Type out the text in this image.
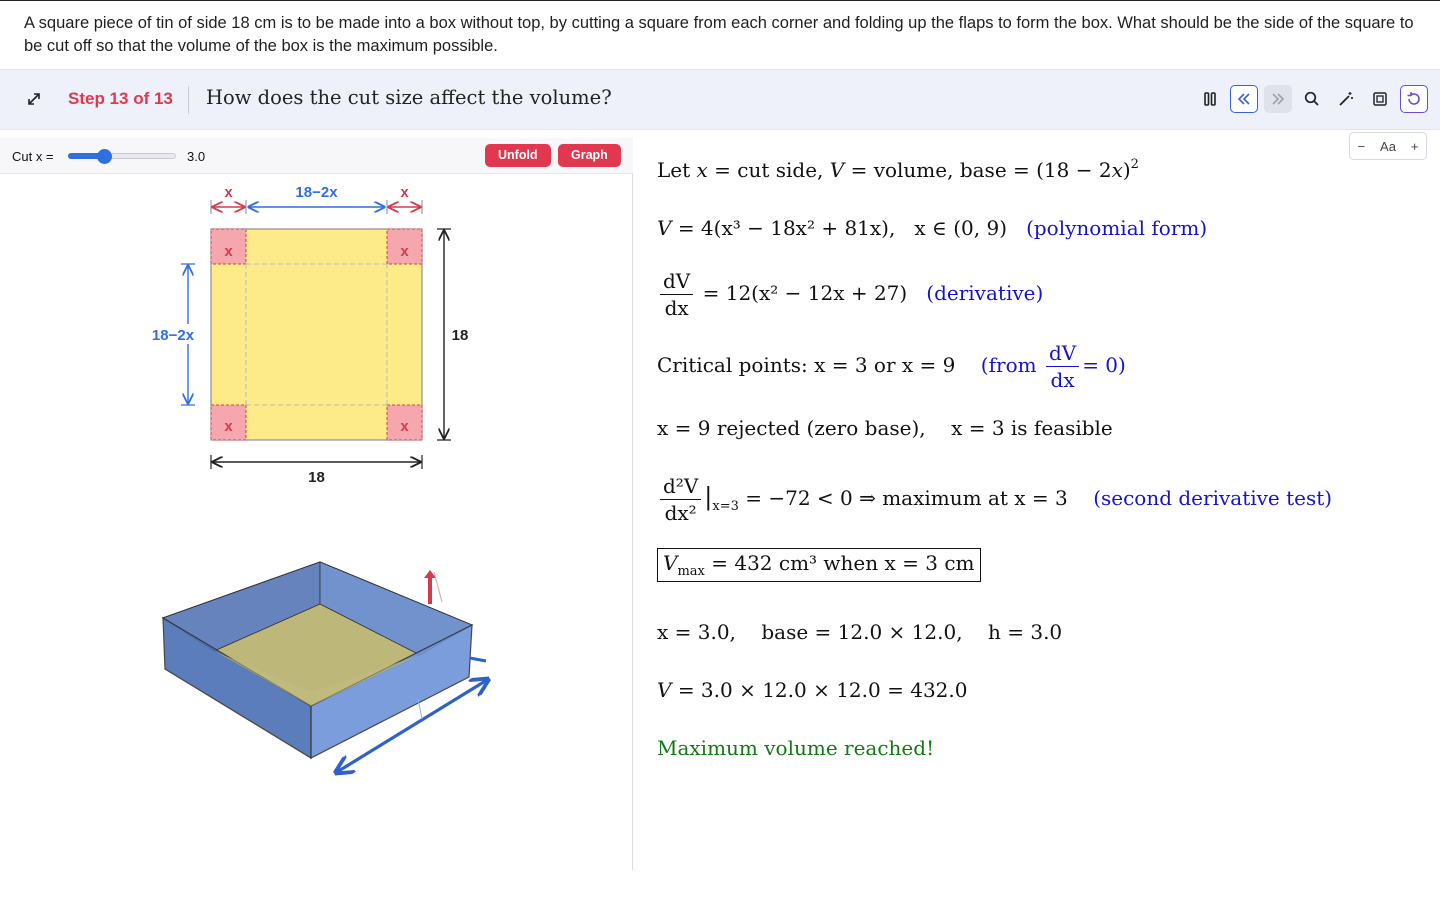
A square piece of tin of side 18 cm is to be made into a box without top, by cutting a square from each corner and folding up the flaps to form the box. What should be the side of the square to be cut off so that the volume of the box is the maximum possible.
Step 13 of 13 How does the cut size affect the volume?
Cut x =	3.0	Unfold	Graph
x	x
x	x
x	18−2x	x
18−2x	18
18
− Aa +
Let x = cut side, V = volume, base = $(18 - 2x)^2$
V = 4(x³ − 18x² + 81x), x ∈ (0, 9) (polynomial form)
$\frac{dV}{dx} = 12(x^2 - 12x + 27)$ (derivative)
Critical points: x = 3 or x = 9 (from $\frac{dV}{dx} = 0$)
x = 9 rejected (zero base), x = 3 is feasible
$\frac{\text{d²V}}{\text{dx²}} |_{x=3} = -72 < 0$ ⇒ maximum at x = 3 (second derivative test)
$V_{max} = 432$ cm³ when x = 3 cm
x = 3.0, base = 12.0 × 12.0, h = 3.0
V = 3.0 × 12.0 × 12.0 = 432.0
Maximum volume reached!
